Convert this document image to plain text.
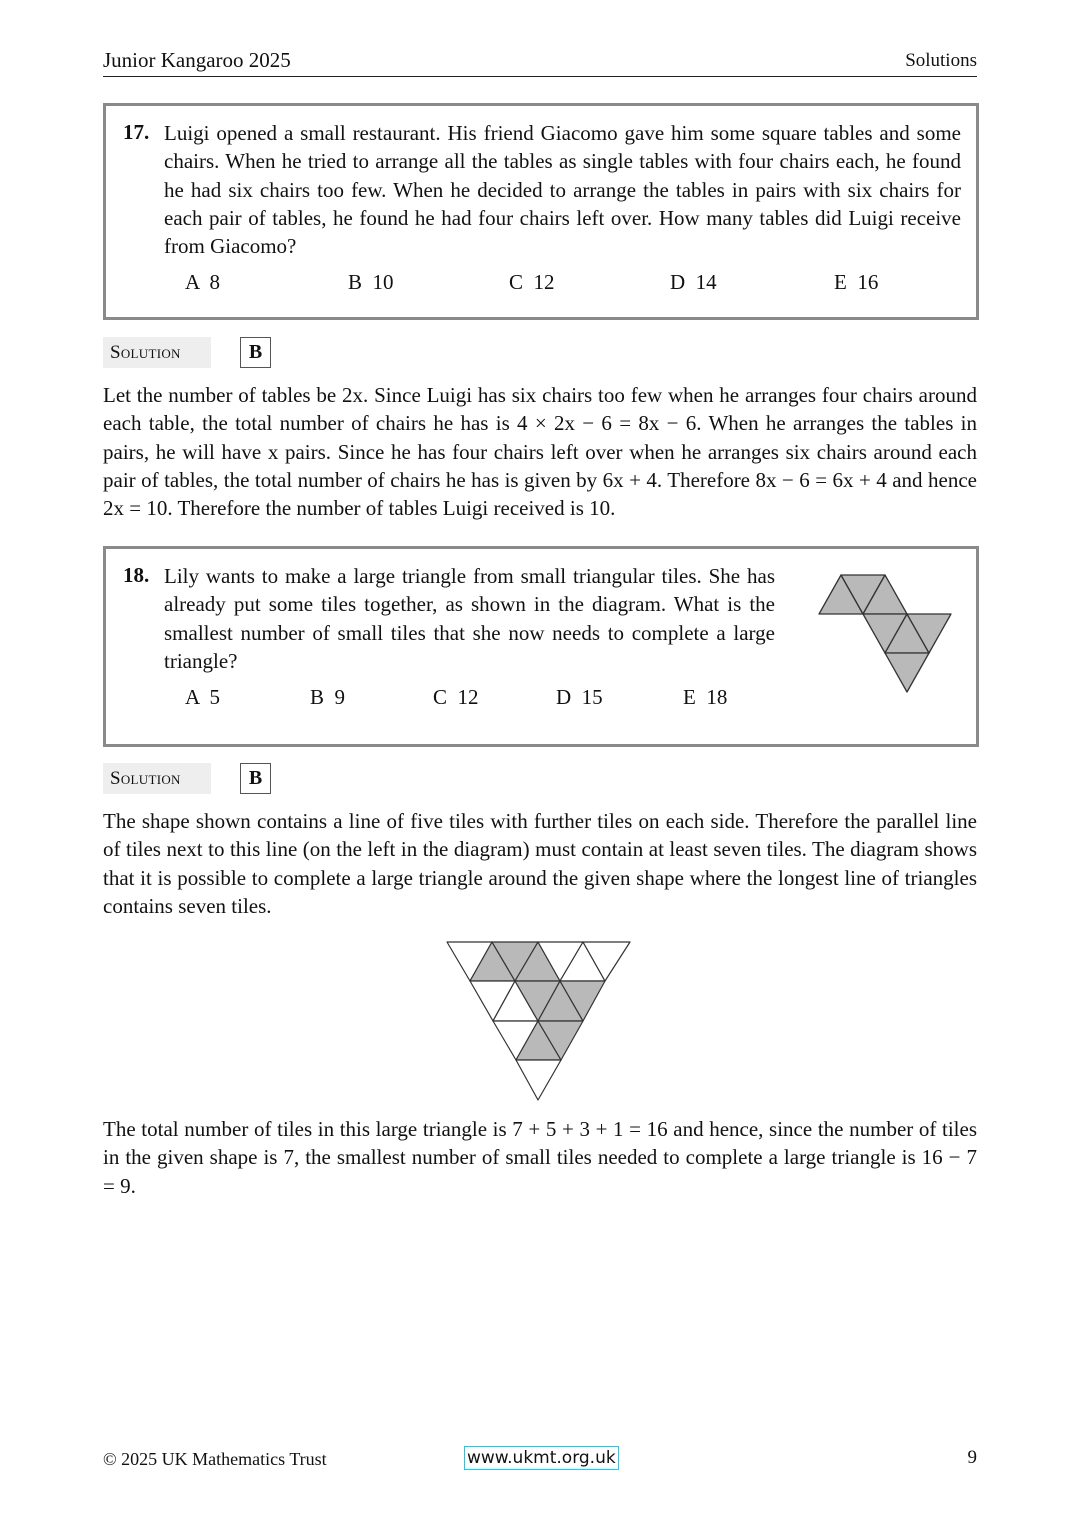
Junior Kangaroo 2025	Solutions
17. Luigi opened a small restaurant. His friend Giacomo gave him some square tables and some chairs. When he tried to arrange all the tables as single tables with four chairs each, he found he had six chairs too few. When he decided to arrange the tables in pairs with six chairs for each pair of tables, he found he had four chairs left over. How many tables did Luigi receive from Giacomo?
A  8	B  10	C  12	D  14	E  16
Solution	B
Let the number of tables be 2x. Since Luigi has six chairs too few when he arranges four chairs around each table, the total number of chairs he has is 4 × 2x − 6 = 8x − 6. When he arranges the tables in pairs, he will have x pairs. Since he has four chairs left over when he arranges six chairs around each pair of tables, the total number of chairs he has is given by 6x + 4. Therefore 8x − 6 = 6x + 4 and hence 2x = 10. Therefore the number of tables Luigi received is 10.
18. Lily wants to make a large triangle from small triangular tiles. She has already put some tiles together, as shown in the diagram. What is the smallest number of small tiles that she now needs to complete a large triangle?
A  5	B  9	C  12	D  15	E  18
Solution	B
The shape shown contains a line of five tiles with further tiles on each side. Therefore the parallel line of tiles next to this line (on the left in the diagram) must contain at least seven tiles. The diagram shows that it is possible to complete a large triangle around the given shape where the longest line of triangles contains seven tiles.
The total number of tiles in this large triangle is 7 + 5 + 3 + 1 = 16 and hence, since the number of tiles in the given shape is 7, the smallest number of small tiles needed to complete a large triangle is 16 − 7 = 9.
© 2025 UK Mathematics Trust	www.ukmt.org.uk	9
